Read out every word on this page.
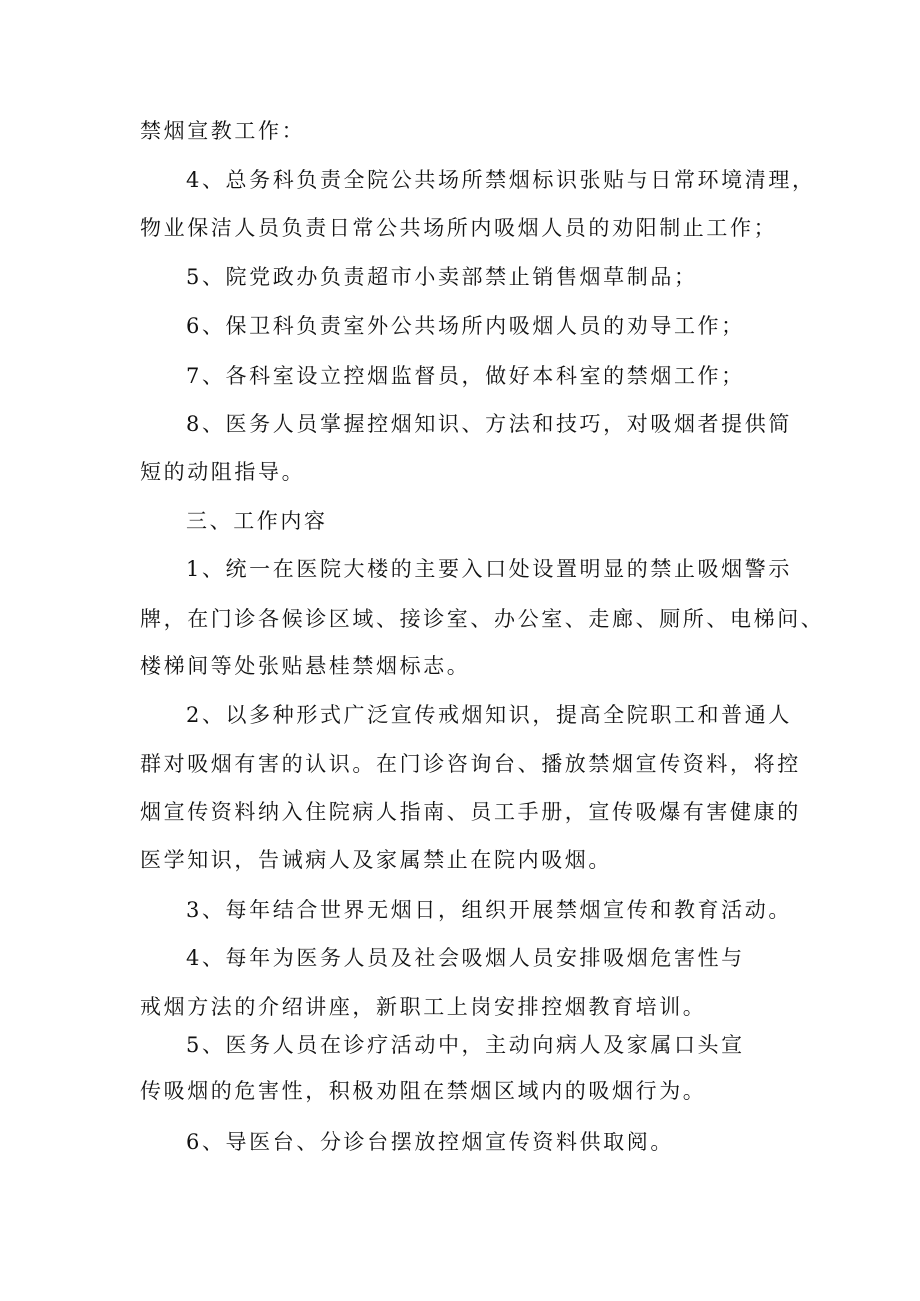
禁烟宣教工作：
4、总务科负责全院公共场所禁烟标识张贴与日常环境清理，
物业保洁人员负责日常公共场所内吸烟人员的劝阳制止工作；
5、院党政办负责超市小卖部禁止销售烟草制品；
6、保卫科负责室外公共场所内吸烟人员的劝导工作；
7、各科室设立控烟监督员，做好本科室的禁烟工作；
8、医务人员掌握控烟知识、方法和技巧，对吸烟者提供简
短的动阻指导。
三、工作内容
1、统一在医院大楼的主要入口处设置明显的禁止吸烟警示
牌，在门诊各候诊区域、接诊室、办公室、走廊、厕所、电梯问、
楼梯间等处张贴悬桂禁烟标志。
2、以多种形式广泛宣传戒烟知识，提高全院职工和普通人
群对吸烟有害的认识。在门诊咨询台、播放禁烟宣传资料，将控
烟宣传资料纳入住院病人指南、员工手册，宣传吸爆有害健康的
医学知识，告诫病人及家属禁止在院内吸烟。
3、每年结合世界无烟日，组织开展禁烟宣传和教育活动。
4、每年为医务人员及社会吸烟人员安排吸烟危害性与
戒烟方法的介绍讲座，新职工上岗安排控烟教育培训。
5、医务人员在诊疗活动中，主动向病人及家属口头宣
传吸烟的危害性，积极劝阻在禁烟区域内的吸烟行为。
6、导医台、分诊台摆放控烟宣传资料供取阅。
